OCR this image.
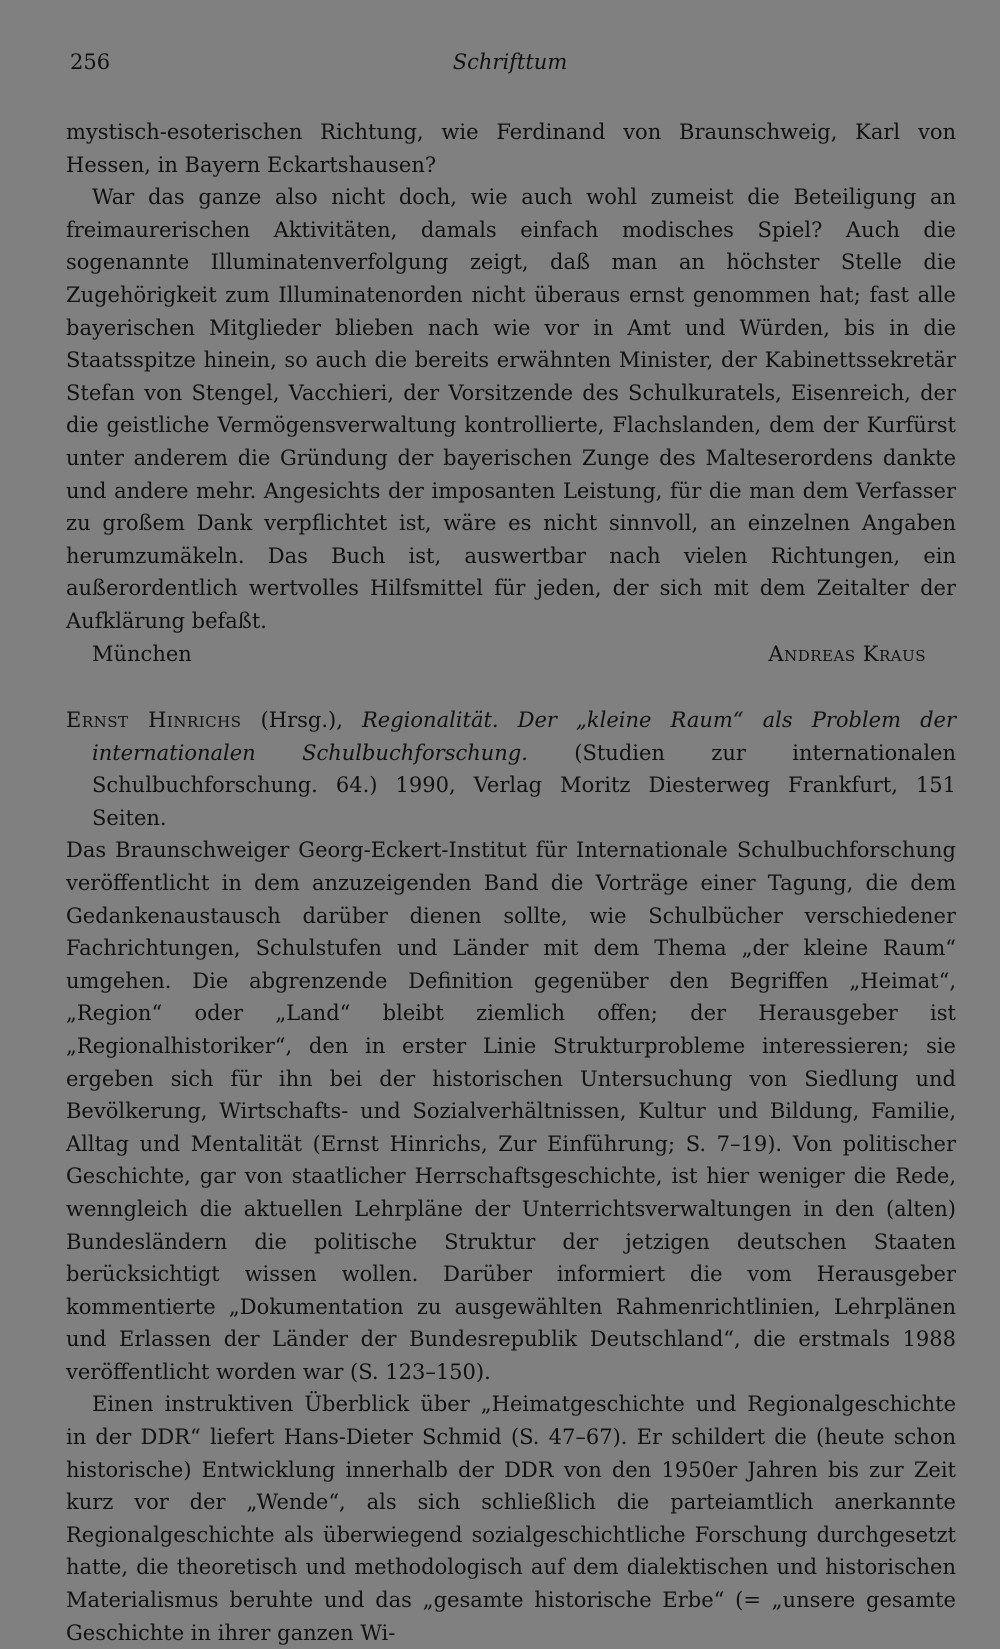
256	Schrifttum

mystisch-esoterischen Richtung, wie Ferdinand von Braunschweig, Karl von Hessen, in Bayern Eckartshausen?

War das ganze also nicht doch, wie auch wohl zumeist die Beteiligung an freimaurerischen Aktivitäten, damals einfach modisches Spiel? Auch die sogenannte Illuminatenverfolgung zeigt, daß man an höchster Stelle die Zugehörigkeit zum Illuminatenorden nicht überaus ernst genommen hat; fast alle bayerischen Mitglieder blieben nach wie vor in Amt und Würden, bis in die Staatsspitze hinein, so auch die bereits erwähnten Minister, der Kabinettssekretär Stefan von Stengel, Vacchieri, der Vorsitzende des Schulkuratels, Eisenreich, der die geistliche Vermögensverwaltung kontrollierte, Flachslanden, dem der Kurfürst unter anderem die Gründung der bayerischen Zunge des Malteserordens dankte und andere mehr. Angesichts der imposanten Leistung, für die man dem Verfasser zu großem Dank verpflichtet ist, wäre es nicht sinnvoll, an einzelnen Angaben herumzumäkeln. Das Buch ist, auswertbar nach vielen Richtungen, ein außerordentlich wertvolles Hilfsmittel für jeden, der sich mit dem Zeitalter der Aufklärung befaßt.

München	Andreas Kraus

Ernst Hinrichs (Hrsg.), Regionalität. Der „kleine Raum“ als Problem der internationalen Schulbuchforschung. (Studien zur internationalen Schulbuchforschung. 64.) 1990, Verlag Moritz Diesterweg Frankfurt, 151 Seiten.

Das Braunschweiger Georg-Eckert-Institut für Internationale Schulbuchforschung veröffentlicht in dem anzuzeigenden Band die Vorträge einer Tagung, die dem Gedankenaustausch darüber dienen sollte, wie Schulbücher verschiedener Fachrichtungen, Schulstufen und Länder mit dem Thema „der kleine Raum“ umgehen. Die abgrenzende Definition gegenüber den Begriffen „Heimat“, „Region“ oder „Land“ bleibt ziemlich offen; der Herausgeber ist „Regionalhistoriker“, den in erster Linie Strukturprobleme interessieren; sie ergeben sich für ihn bei der historischen Untersuchung von Siedlung und Bevölkerung, Wirtschafts- und Sozialverhältnissen, Kultur und Bildung, Familie, Alltag und Mentalität (Ernst Hinrichs, Zur Einführung; S. 7–19). Von politischer Geschichte, gar von staatlicher Herrschaftsgeschichte, ist hier weniger die Rede, wenngleich die aktuellen Lehrpläne der Unterrichtsverwaltungen in den (alten) Bundesländern die politische Struktur der jetzigen deutschen Staaten berücksichtigt wissen wollen. Darüber informiert die vom Herausgeber kommentierte „Dokumentation zu ausgewählten Rahmenrichtlinien, Lehrplänen und Erlassen der Länder der Bundesrepublik Deutschland“, die erstmals 1988 veröffentlicht worden war (S. 123–150).

Einen instruktiven Überblick über „Heimatgeschichte und Regionalgeschichte in der DDR“ liefert Hans-Dieter Schmid (S. 47–67). Er schildert die (heute schon historische) Entwicklung innerhalb der DDR von den 1950er Jahren bis zur Zeit kurz vor der „Wende“, als sich schließlich die parteiamtlich anerkannte Regionalgeschichte als überwiegend sozialgeschichtliche Forschung durchgesetzt hatte, die theoretisch und methodologisch auf dem dialektischen und historischen Materialismus beruhte und das „gesamte historische Erbe“ (= „unsere gesamte Geschichte in ihrer ganzen Wi-
